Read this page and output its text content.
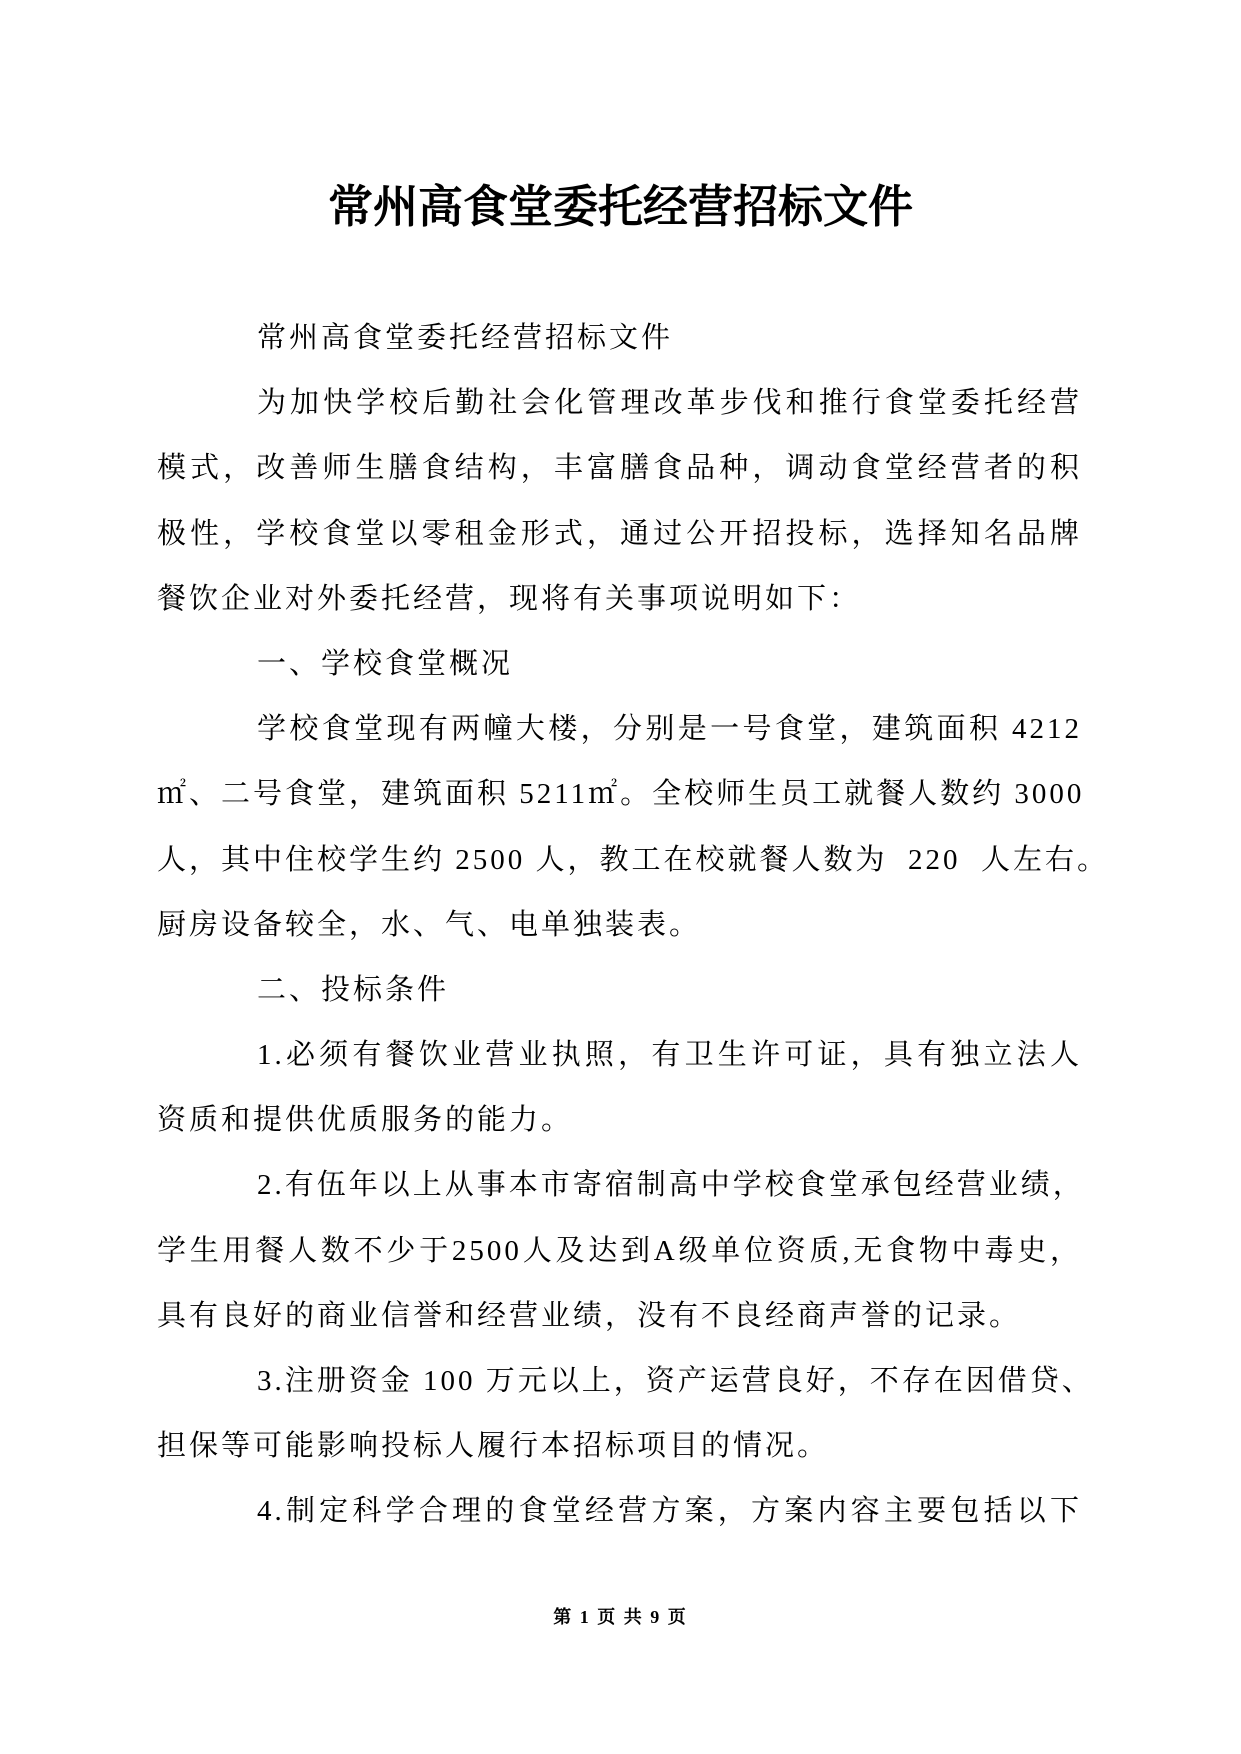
常州高食堂委托经营招标文件
常州高食堂委托经营招标文件
为加快学校后勤社会化管理改革步伐和推行食堂委托经营
模式，改善师生膳食结构，丰富膳食品种，调动食堂经营者的积
极性，学校食堂以零租金形式，通过公开招投标，选择知名品牌
餐饮企业对外委托经营，现将有关事项说明如下：
一、学校食堂概况
学校食堂现有两幢大楼，分别是一号食堂，建筑面积 4212
㎡、二号食堂，建筑面积 5211㎡。全校师生员工就餐人数约 3000
人，其中住校学生约 2500 人，教工在校就餐人数为  220  人左右。
厨房设备较全，水、气、电单独装表。
二、投标条件
1.必须有餐饮业营业执照，有卫生许可证，具有独立法人
资质和提供优质服务的能力。
2.有伍年以上从事本市寄宿制高中学校食堂承包经营业绩，
学生用餐人数不少于2500人及达到A级单位资质,无食物中毒史，
具有良好的商业信誉和经营业绩，没有不良经商声誉的记录。
3.注册资金 100 万元以上，资产运营良好，不存在因借贷、
担保等可能影响投标人履行本招标项目的情况。
4.制定科学合理的食堂经营方案，方案内容主要包括以下
第 1 页 共 9 页
